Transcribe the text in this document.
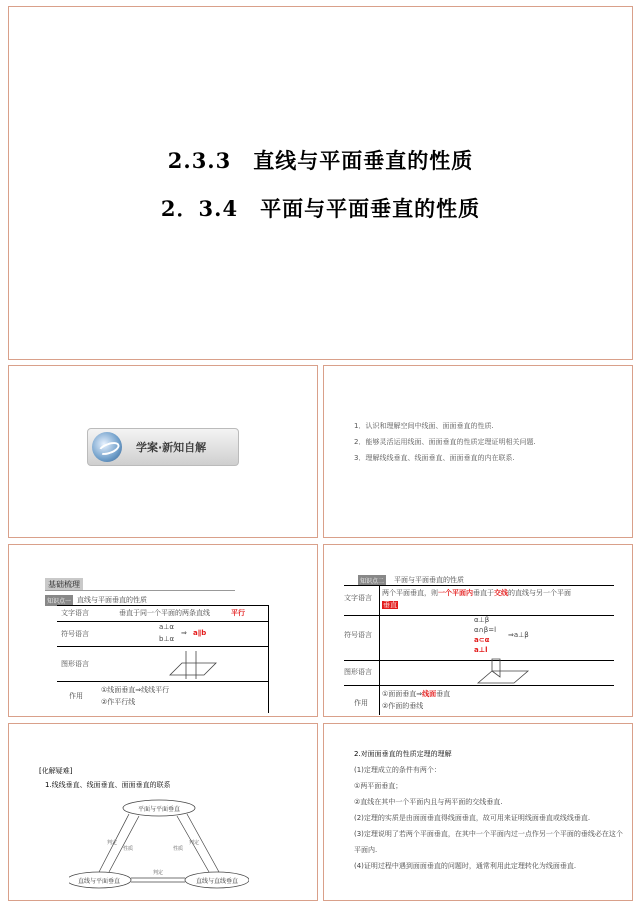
2.3.3　直线与平面垂直的性质
2．3.4　平面与平面垂直的性质
学案·新知自解
1．认识和理解空间中线面、面面垂直的性质.
2．能够灵活运用线面、面面垂直的性质定理证明相关问题.
3．理解线线垂直、线面垂直、面面垂直的内在联系.
基础梳理
知识点一 直线与平面垂直的性质
文字语言	垂直于同一个平面的两条直线	平行
符号语言
a⊥α
b⊥α
⇒ a∥b
图形语言
作用
①线面垂直⇒线线平行
②作平行线
知识点二 平面与平面垂直的性质
文字语言
两个平面垂直，则一个平面内垂直于交线的直线与另一个平面
垂直
符号语言
α⊥β
α∩β=l
a⊂α
a⊥l
⇒a⊥β
图形语言
作用
①面面垂直⇒线面垂直
②作面的垂线
[化解疑难]
1.线线垂直、线面垂直、面面垂直的联系
平面与平面垂直
直线与平面垂直	直线与直线垂直
判定
性质
判定
性质
判定
2.对面面垂直的性质定理的理解
(1)定理成立的条件有两个：
①两平面垂直；
②直线在其中一个平面内且与两平面的交线垂直.
(2)定理的实质是由面面垂直得线面垂直，故可用来证明线面垂直或线线垂直.
(3)定理说明了若两个平面垂直，在其中一个平面内过一点作另一个平面的垂线必在这个平面内.
(4)证明过程中遇到面面垂直的问题时，通常利用此定理转化为线面垂直.
